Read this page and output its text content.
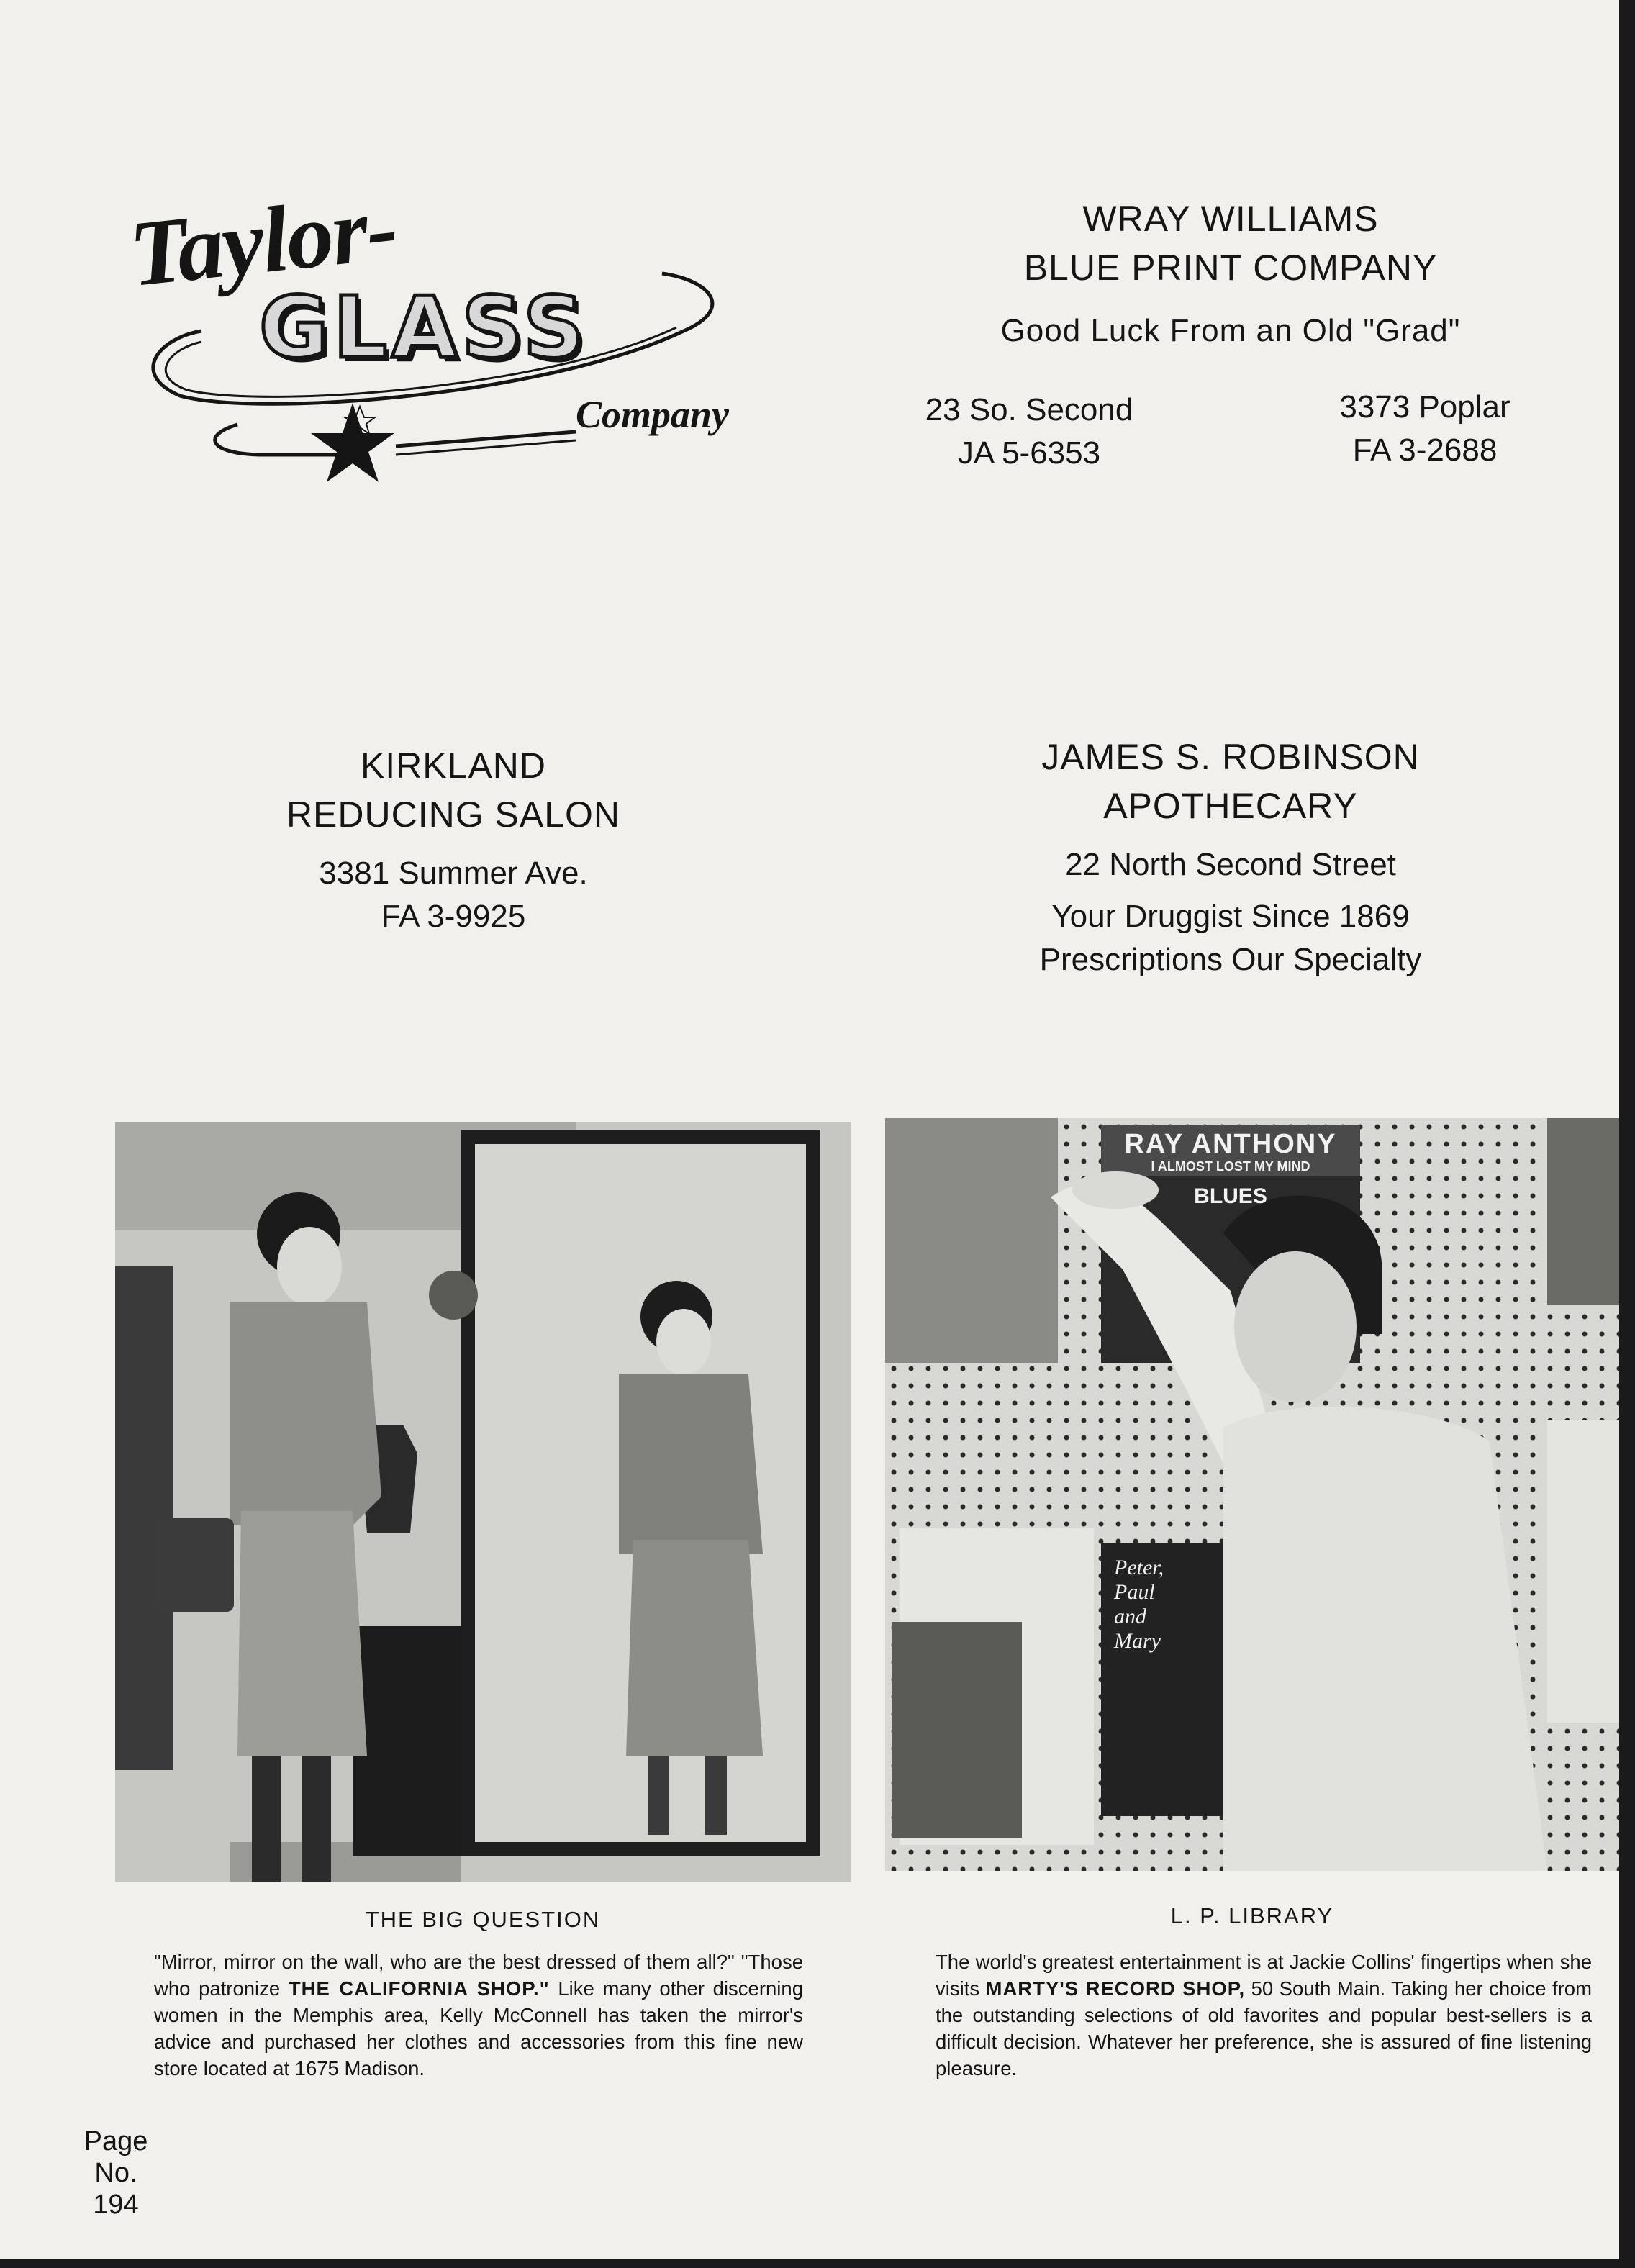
Taylor-
GLASS
Company
WRAY WILLIAMS
BLUE PRINT COMPANY
Good Luck From an Old "Grad"
23 So. Second
JA 5-6353
3373 Poplar
FA 3-2688
KIRKLAND
REDUCING SALON
3381 Summer Ave.
FA 3-9925
JAMES S. ROBINSON
APOTHECARY
22 North Second Street
Your Druggist Since 1869
Prescriptions Our Specialty
RAY ANTHONY
I ALMOST LOST MY MIND
BLUES
Peter,
Paul
and
Mary
THE BIG QUESTION
"Mirror, mirror on the wall, who are the best dressed of them all?" "Those who patronize THE CALIFORNIA SHOP." Like many other discerning women in the Memphis area, Kelly McConnell has taken the mirror's advice and purchased her clothes and accessories from this fine new store located at 1675 Madison.
L. P. LIBRARY
The world's greatest entertainment is at Jackie Collins' fingertips when she visits MARTY'S RECORD SHOP, 50 South Main. Taking her choice from the outstanding selections of old favorites and popular best-sellers is a difficult decision. Whatever her preference, she is assured of fine listening pleasure.
Page
No.
194
